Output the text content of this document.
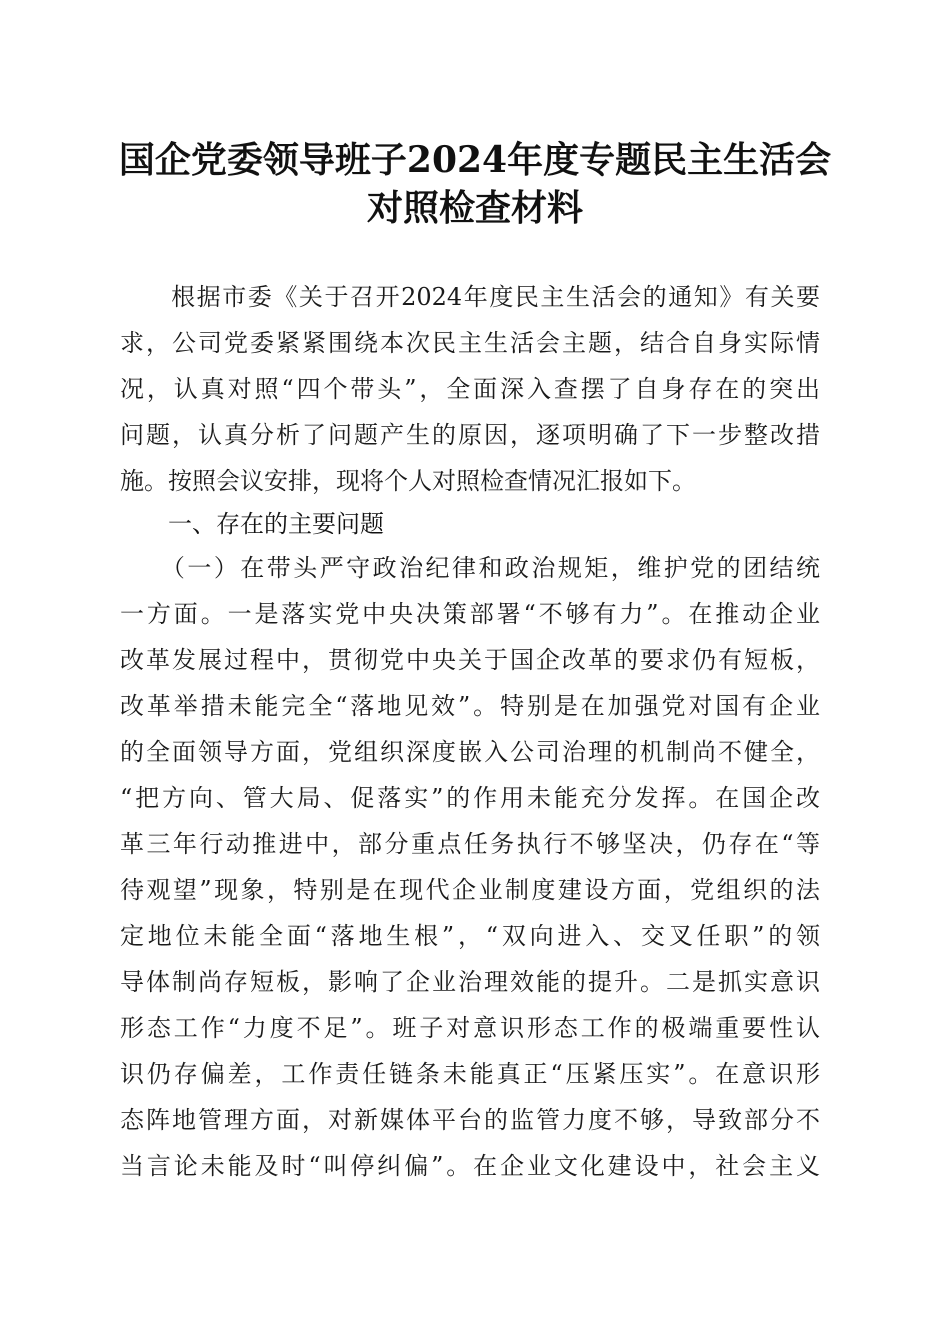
国企党委领导班子2024年度专题民主生活会
对照检查材料
　　根据市委《关于召开2024年度民主生活会的通知》有关要
求，公司党委紧紧围绕本次民主生活会主题，结合自身实际情
况，认真对照“四个带头”，全面深入查摆了自身存在的突出
问题，认真分析了问题产生的原因，逐项明确了下一步整改措
施。按照会议安排，现将个人对照检查情况汇报如下。
一、存在的主要问题
　　（一）在带头严守政治纪律和政治规矩，维护党的团结统
一方面。一是落实党中央决策部署“不够有力”。在推动企业
改革发展过程中，贯彻党中央关于国企改革的要求仍有短板，
改革举措未能完全“落地见效”。特别是在加强党对国有企业
的全面领导方面，党组织深度嵌入公司治理的机制尚不健全，
“把方向、管大局、促落实”的作用未能充分发挥。在国企改
革三年行动推进中，部分重点任务执行不够坚决，仍存在“等
待观望”现象，特别是在现代企业制度建设方面，党组织的法
定地位未能全面“落地生根”，“双向进入、交叉任职”的领
导体制尚存短板，影响了企业治理效能的提升。二是抓实意识
形态工作“力度不足”。班子对意识形态工作的极端重要性认
识仍存偏差，工作责任链条未能真正“压紧压实”。在意识形
态阵地管理方面，对新媒体平台的监管力度不够，导致部分不
当言论未能及时“叫停纠偏”。在企业文化建设中，社会主义
